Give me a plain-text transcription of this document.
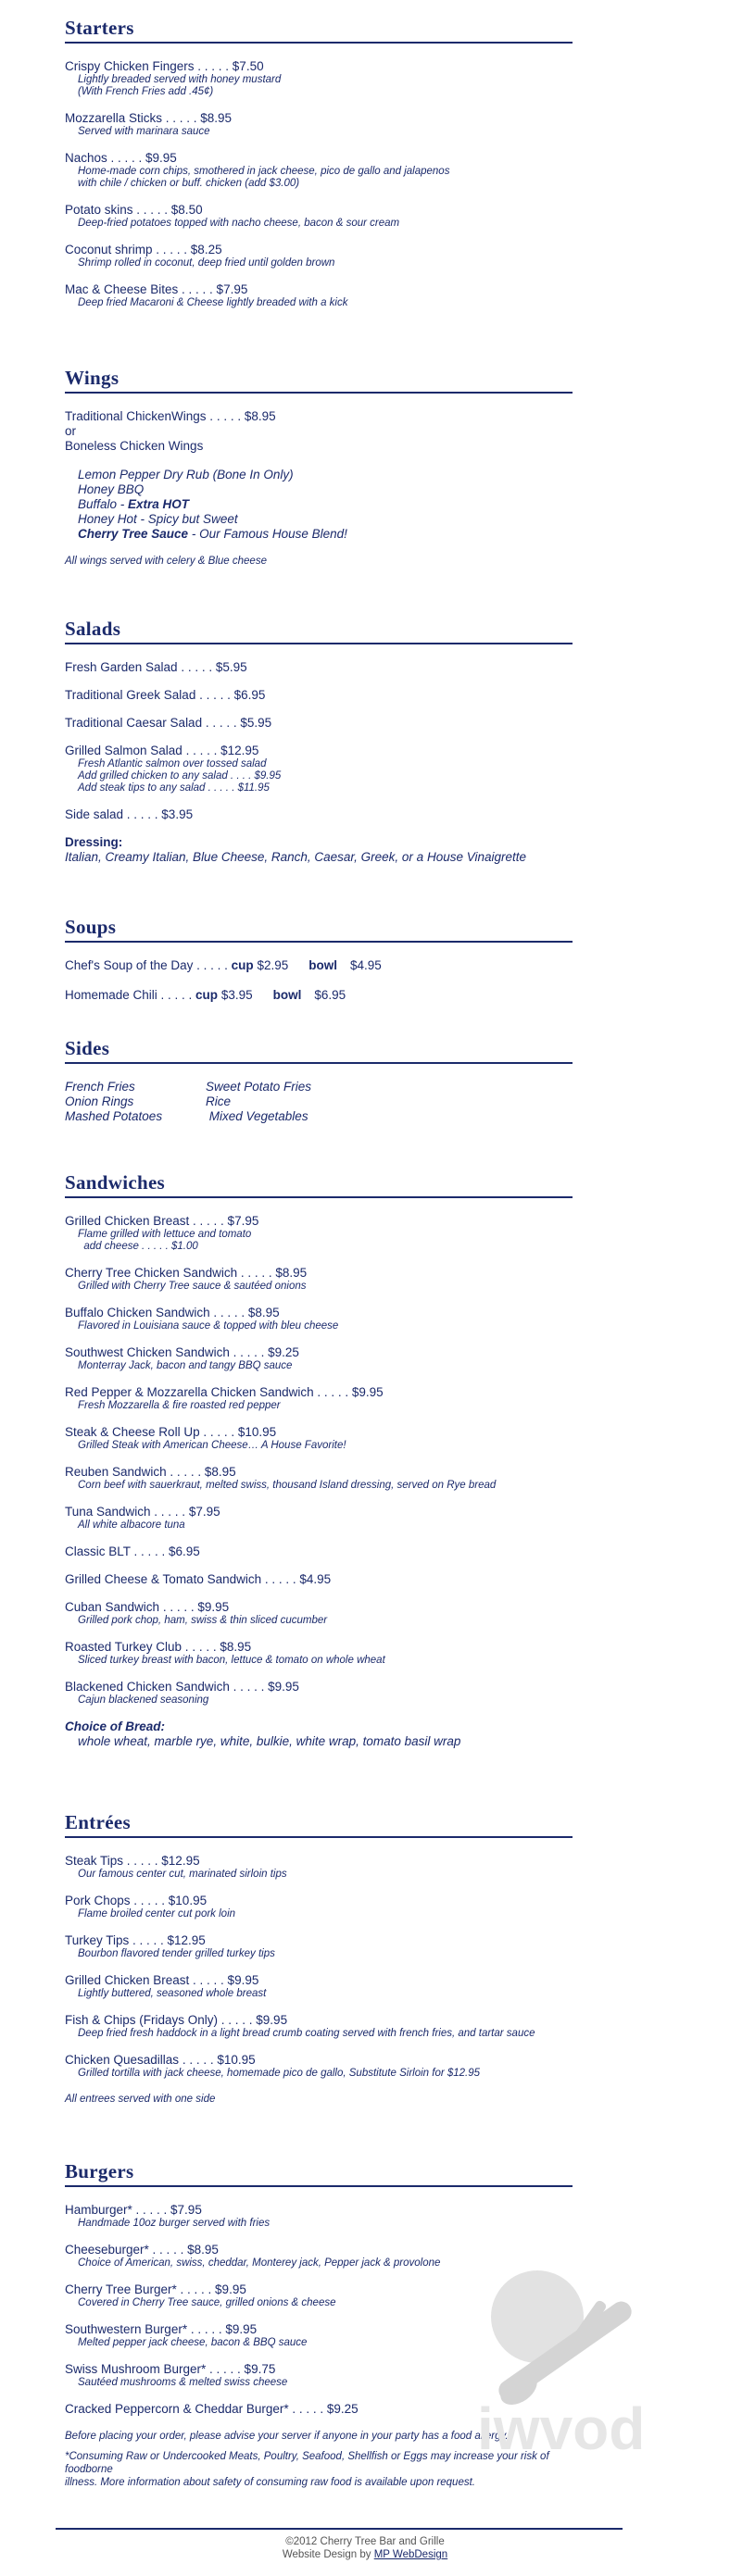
Starters
Crispy Chicken Fingers . . . . . $7.50
Lightly breaded served with honey mustard
(With French Fries add .45¢)
Mozzarella Sticks . . . . . $8.95
Served with marinara sauce
Nachos . . . . . $9.95
Home-made corn chips, smothered in jack cheese, pico de gallo and jalapenos
with chile / chicken or buff. chicken (add $3.00)
Potato skins . . . . . $8.50
Deep-fried potatoes topped with nacho cheese, bacon & sour cream
Coconut shrimp . . . . . $8.25
Shrimp rolled in coconut, deep fried until golden brown
Mac & Cheese Bites . . . . . $7.95
Deep fried Macaroni & Cheese lightly breaded with a kick
Wings
Traditional ChickenWings . . . . . $8.95
or
Boneless Chicken Wings
Lemon Pepper Dry Rub (Bone In Only)
Honey BBQ
Buffalo - Extra HOT
Honey Hot - Spicy but Sweet
Cherry Tree Sauce - Our Famous House Blend!
All wings served with celery & Blue cheese
Salads
Fresh Garden Salad . . . . . $5.95
Traditional Greek Salad . . . . . $6.95
Traditional Caesar Salad . . . . . $5.95
Grilled Salmon Salad . . . . . $12.95
Fresh Atlantic salmon over tossed salad
Add grilled chicken to any salad . . . . $9.95
Add steak tips to any salad . . . . . $11.95
Side salad . . . . . $3.95
Dressing:
Italian, Creamy Italian, Blue Cheese, Ranch, Caesar, Greek, or a House Vinaigrette
Soups
Chef's Soup of the Day . . . . . cup $2.95 bowl $4.95
Homemade Chili . . . . . cup $3.95 bowl $6.95
Sides
French Fries
Onion Rings
Mashed Potatoes
Sweet Potato Fries
Rice
Mixed Vegetables
Sandwiches
Grilled Chicken Breast . . . . . $7.95
Flame grilled with lettuce and tomato
add cheese . . . . . $1.00
Cherry Tree Chicken Sandwich . . . . . $8.95
Grilled with Cherry Tree sauce & sautéed onions
Buffalo Chicken Sandwich . . . . . $8.95
Flavored in Louisiana sauce & topped with bleu cheese
Southwest Chicken Sandwich . . . . . $9.25
Monterray Jack, bacon and tangy BBQ sauce
Red Pepper & Mozzarella Chicken Sandwich . . . . . $9.95
Fresh Mozzarella & fire roasted red pepper
Steak & Cheese Roll Up . . . . . $10.95
Grilled Steak with American Cheese… A House Favorite!
Reuben Sandwich . . . . . $8.95
Corn beef with sauerkraut, melted swiss, thousand Island dressing, served on Rye bread
Tuna Sandwich . . . . . $7.95
All white albacore tuna
Classic BLT . . . . . $6.95
Grilled Cheese & Tomato Sandwich . . . . . $4.95
Cuban Sandwich . . . . . $9.95
Grilled pork chop, ham, swiss & thin sliced cucumber
Roasted Turkey Club . . . . . $8.95
Sliced turkey breast with bacon, lettuce & tomato on whole wheat
Blackened Chicken Sandwich . . . . . $9.95
Cajun blackened seasoning
Choice of Bread:
whole wheat, marble rye, white, bulkie, white wrap, tomato basil wrap
Entrées
Steak Tips . . . . . $12.95
Our famous center cut, marinated sirloin tips
Pork Chops . . . . . $10.95
Flame broiled center cut pork loin
Turkey Tips . . . . . $12.95
Bourbon flavored tender grilled turkey tips
Grilled Chicken Breast . . . . . $9.95
Lightly buttered, seasoned whole breast
Fish & Chips (Fridays Only) . . . . . $9.95
Deep fried fresh haddock in a light bread crumb coating served with french fries, and tartar sauce
Chicken Quesadillas . . . . . $10.95
Grilled tortilla with jack cheese, homemade pico de gallo, Substitute Sirloin for $12.95
All entrees served with one side
Burgers
Hamburger* . . . . . $7.95
Handmade 10oz burger served with fries
Cheeseburger* . . . . . $8.95
Choice of American, swiss, cheddar, Monterey jack, Pepper jack & provolone
Cherry Tree Burger* . . . . . $9.95
Covered in Cherry Tree sauce, grilled onions & cheese
Southwestern Burger* . . . . . $9.95
Melted pepper jack cheese, bacon & BBQ sauce
Swiss Mushroom Burger* . . . . . $9.75
Sautéed mushrooms & melted swiss cheese
Cracked Peppercorn & Cheddar Burger* . . . . . $9.25
Before placing your order, please advise your server if anyone in your party has a food allergy.
*Consuming Raw or Undercooked Meats, Poultry, Seafood, Shellfish or Eggs may increase your risk of foodborne
illness. More information about safety of consuming raw food is available upon request.
iwvod
©2012 Cherry Tree Bar and Grille
Website Design by MP WebDesign
